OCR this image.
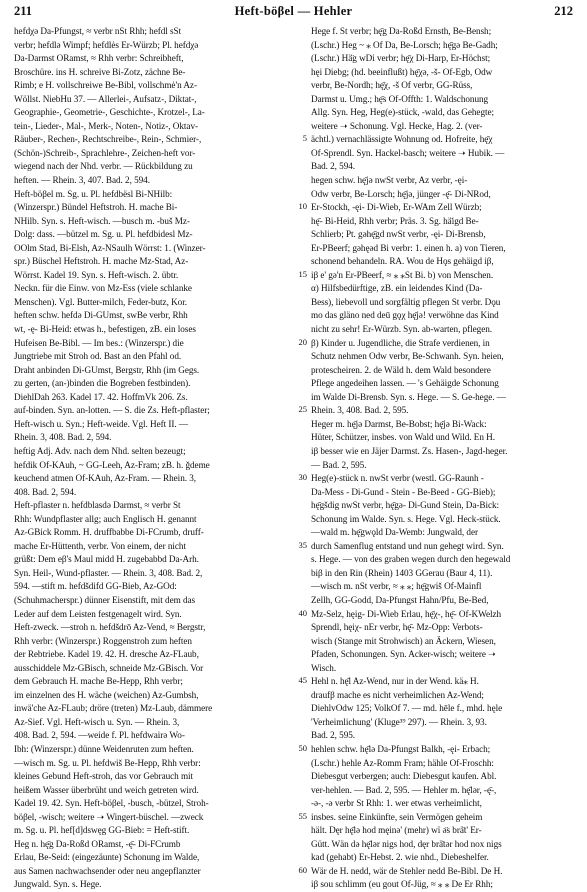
211	Heft-böβel — Hehler	212
hefdχǝ Da-Pfungst, ≈ verbr nSt Rhh; hefdl sSt
verbr; hefdlǝ Wimpf; hefdlės Er-Würzb; Pl. hefdχǝ
Da-Darmst ORamst, ≈ Rhh verbr: Schreibheft,
Broschüre. ins H. schreive Bi-Zotz, zächne Be-
Rimb; e H. vollschreiwe Be-Bibl, vollschmė'n Az-
Wöllst. NiebHu 37. — Allerlei-, Aufsatz-, Diktat-,
Geographie-, Geometrie-, Geschichte-, Krotzel-, La-
tein-, Lieder-, Mal-, Merk-, Noten-, Notiz-, Oktav-
Räuber-, Rechen-, Rechtschreibe-, Rein-, Schmier-,
(Schön-)Schreib-, Sprachlehre-, Zeichen-heft vor-
wiegend nach der Nhd. verbr. — Rückbildung zu
heften. — Rhein. 3, 407. Bad. 2, 594.
Heft-böβel m. Sg. u. Pl. hefdbësl Bi-NHilb:
(Winzerspr.) Bündel Heftstroh. H. mache Bi-
NHilb. Syn. s. Heft-wisch. —busch m. -buš Mz-
Dolg: dass. —bützel m. Sg. u. Pl. hefdbidesl Mz-
OOlm Stad, Bi-Elsh, Az-NSaulh Wörrst: 1. (Winzer-
spr.) Büschel Heftstroh. H. mache Mz-Stad, Az-
Wörrst. Kadel 19. Syn. s. Heft-wisch. 2. übtr.
Neckn. für die Einw. von Mz-Ess (viele schlanke
Menschen). Vgl. Butter-milch, Feder-butz, Kor.
heften schw. hefdǝ Di-GUmst, swBe verbr, Rhh
wt, -ę- Bi-Heid: etwas h., befestigen, zB. ein loses
Hufeisen Be-Bibl. — Im bes.: (Winzerspr.) die
Jungtriebe mit Stroh od. Bast an den Pfahl od.
Draht anbinden Di-GUmst, Bergstr, Rhh (im Gegs.
zu gerten, (an-)binden die Bogreben festbinden).
DiehlDah 263. Kadel 17. 42. HoffmVk 206. Zs.
auf-binden. Syn. an-lotten. — S. die Zs. Heft-pflaster;
Heft-wisch u. Syn.; Heft-weide. Vgl. Heft II. —
Rhein. 3, 408. Bad. 2, 594.
heftig Adj. Adv. nach dem Nhd. selten bezeugt;
hefdik Of-KAuh, ~ GG-Leeh, Az-Fram; zB. h. ǧdeme
keuchend atmen Of-KAuh, Az-Fram. — Rhein. 3,
408. Bad. 2, 594.
Heft-pflaster n. hefdblasdǝ Darmst, ≈ verbr St
Rhh: Wundpflaster allg; auch Englisch H. genannt
Az-GBick Romm. H. druffbabbe Di-FCrumb, druff-
mache Er-Hüttenth, verbr. Von einem, der nicht
grüßt: Dem eβ's Maul midd H. zugebabbd Da-Arh.
Syn. Heil-, Wund-pflaster. — Rhein. 3, 408. Bad. 2,
594. —stift m. hefdšdifd GG-Bieb, Az-GOd:
(Schuhmacherspr.) dünner Eisenstift, mit dem das
Leder auf dem Leisten festgenagelt wird. Syn.
Heft-zweck. —stroh n. hefdšdrō Az-Vend, ≈ Bergstr,
Rhh verbr: (Winzerspr.) Roggenstroh zum heften
der Rebtriebe. Kadel 19. 42. H. dresche Az-FLaub,
ausschiddele Mz-GBisch, schneide Mz-GBisch. Vor
dem Gebrauch H. mache Be-Hepp, Rhh verbr;
im einzelnen des H. wäche (weichen) Az-Gumbsh,
inwä'che Az-FLaub; dröre (treten) Mz-Laub, dämmere
Az-Sief. Vgl. Heft-wisch u. Syn. — Rhein. 3,
408. Bad. 2, 594. —weide f. Pl. hefdwairǝ Wo-
Ibh: (Winzerspr.) dünne Weidenruten zum heften.
—wisch m. Sg. u. Pl. hefdwiš Be-Hepp, Rhh verbr:
kleines Gebund Heft-stroh, das vor Gebrauch mit
heißem Wasser überbrüht und weich getreten wird.
Kadel 19. 42. Syn. Heft-böβel, -busch, -bützel, Stroh-
böβel, -wisch; weitere ➝ Wingert-büschel. —zweck
m. Sg. u. Pl. hef[d]dswęg GG-Bieb: = Heft-stift.
Heg n. hę̄g Da-Roßd ORamst, -ę̄- Di-FCrumb
Erlau, Be-Seid: (eingezäunte) Schonung im Walde,
aus Samen nachwachsender oder neu angepflanzter
Jungwald. Syn. s. Hege.
5
10
15
20
25
30
35
40
45
50
55
60
Hege f. St verbr; hę̄g Da-Roßd Ernsth, Be-Bensh;
(Lschr.) Heg ~ ⁎ Of Da, Be-Lorsch; hę̄gǝ Be-Gadh;
(Lschr.) Hä̈g wDi verbr; hę̄χ Di-Harp, Er-Höchst;
hęi Diebg; (hd. beeinflußt) hę̄χǝ, -š- Of-Egb, Odw
verbr, Be-Nordh; hę̄χ, -š Of verbr, GG-Rüss,
Darmst u. Umg.; hę̄s Of-Offth: 1. Waldschonung
Allg. Syn. Heg, Heg(e)-stück, -wald, das Gehegte;
weitere ➝ Schonung. Vgl. Hecke, Hag. 2. (ver-
ächtl.) vernachlässigte Wohnung od. Hofreite, hę̄χ
Of-Sprendl. Syn. Hackel-basch; weitere ➝ Hubik. —
Bad. 2, 594.
hegen schw. hę̄jǝ nwSt verbr, Az verbr, -ęi-
Odw verbr, Be-Lorsch; hę̄jǝ, jünger -ę̄- Di-NRod,
Er-Stockh, -ęi- Di-Wieb, Er-WAm Zell Würzb;
hę̄- Bi-Heid, Rhh verbr; Präs. 3. Sg. hä̈igd Be-
Schlierb; Pt. gǝhę̄gd nwSt verbr, -ęi- Di-Brensb,
Er-PBeerf; gǝhęǝd Bi verbr: 1. einen h. a) von Tieren,
schonend behandeln. RA. Wou de Hǫs gehäigd iβ,
iβ e' gǝ'n Er-PBeerf, ≈ ⁎ ⁎St Bi. b) von Menschen.
α) Hilfsbedürftige, zB. ein leidendes Kind (Da-
Bess), liebevoll und sorgfältig pflegen St verbr. Dǫu
mo das gläno ned deū gǫχ hę̄jǝ! verwöhne das Kind
nicht zu sehr! Er-Würzb. Syn. ab-warten, pflegen.
β) Kinder u. Jugendliche, die Strafe verdienen, in
Schutz nehmen Odw verbr, Be-Schwanh. Syn. heien,
protescheiren. 2. de Wäld h. dem Wald besondere
Pflege angedeihen lassen. — 's Gehäigde Schonung
im Walde Di-Brensb. Syn. s. Hege. — S. Ge-hege. —
Rhein. 3, 408. Bad. 2, 595.
Heger m. hę̄jǝ Darmst, Be-Bobst; hę̄jǝ Bi-Wack:
Hüter, Schützer, insbes. von Wald und Wild. En H.
iβ besser wie en Jäjer Darmst. Zs. Hasen-, Jagd-heger.
— Bad. 2, 595.
Heg(e)-stück n. nwSt verbr (westl. GG-Raunh -
Da-Mess - Di-Gund - Stein - Be-Beed - GG-Bieb);
hę̄gšdig nwSt verbr, hę̄gǝ- Di-Gund Stein, Da-Bick:
Schonung im Walde. Syn. s. Hege. Vgl. Heck-stück.
—wald m. hę̄gwǫld Da-Wemb: Jungwald, der
durch Samenflug entstand und nun gehegt wird. Syn.
s. Hege. — von des graben wegen durch den hegewald
biβ in den Rin (Rhein) 1403 GGerau (Baur 4, 11).
—wisch m. nSt verbr, ≈ ⁎ ⁎; hę̄gwiš Of-Mainfl
Zellh, GG-Godd, Da-Pfungst Hahn/Pfu, Be-Bed,
Mz-Selz, hęig- Di-Wieb Erlau, hę̄χ-, hę̄- Of-KWelzh
Sprendl, hęiχ- nEr verbr, hę̄- Mz-Opp: Verbots-
wisch (Stange mit Strohwisch) an Äckern, Wiesen,
Pfaden, Schonungen. Syn. Acker-wisch; weitere ➝
Wisch.
Hehl n. hę̄l Az-Wend, nur in der Wend. kä⁎ H.
draufβ mache es nicht verheimlichen Az-Wend;
DiehlvOdw 125; VolkOf 7. — md. hēle f., mhd. hęle
'Verheimlichung' (Kluge³⁹ 297). — Rhein. 3, 93.
Bad. 2, 595.
hehlen schw. hę̄lǝ Da-Pfungst Balkh, -ęi- Erbach;
(Lschr.) hehle Az-Romm Fram; hähle Of-Froschh:
Diebesgut verbergen; auch: Diebesgut kaufen. Abl.
ver-hehlen. — Bad. 2, 595. — Hehler m. hę̄lǝr, -ę̄-,
-ǝ-, -ǝ verbr St Rhh: 1. wer etwas verheimlicht,
insbes. seine Einkünfte, sein Vermögen geheim
hält. Dęr hę̄lǝ hod męinǝ' (mehr) wï ǝ̈s brä̈t' Er-
Gütt. Wän dǝ hę̄lǝr nigs hod, dęr brä̈tǝr hod nox nigs
kad (gehabt) Er-Hebst. 2. wie nhd., Diebeshelfer.
Wär de H. nedd, wär de Stehler nedd Be-Bibl. De H.
iβ sou schlimm (eu gout Of-Jüg, ≈ ⁎ ⁎ De Er Rhh;
